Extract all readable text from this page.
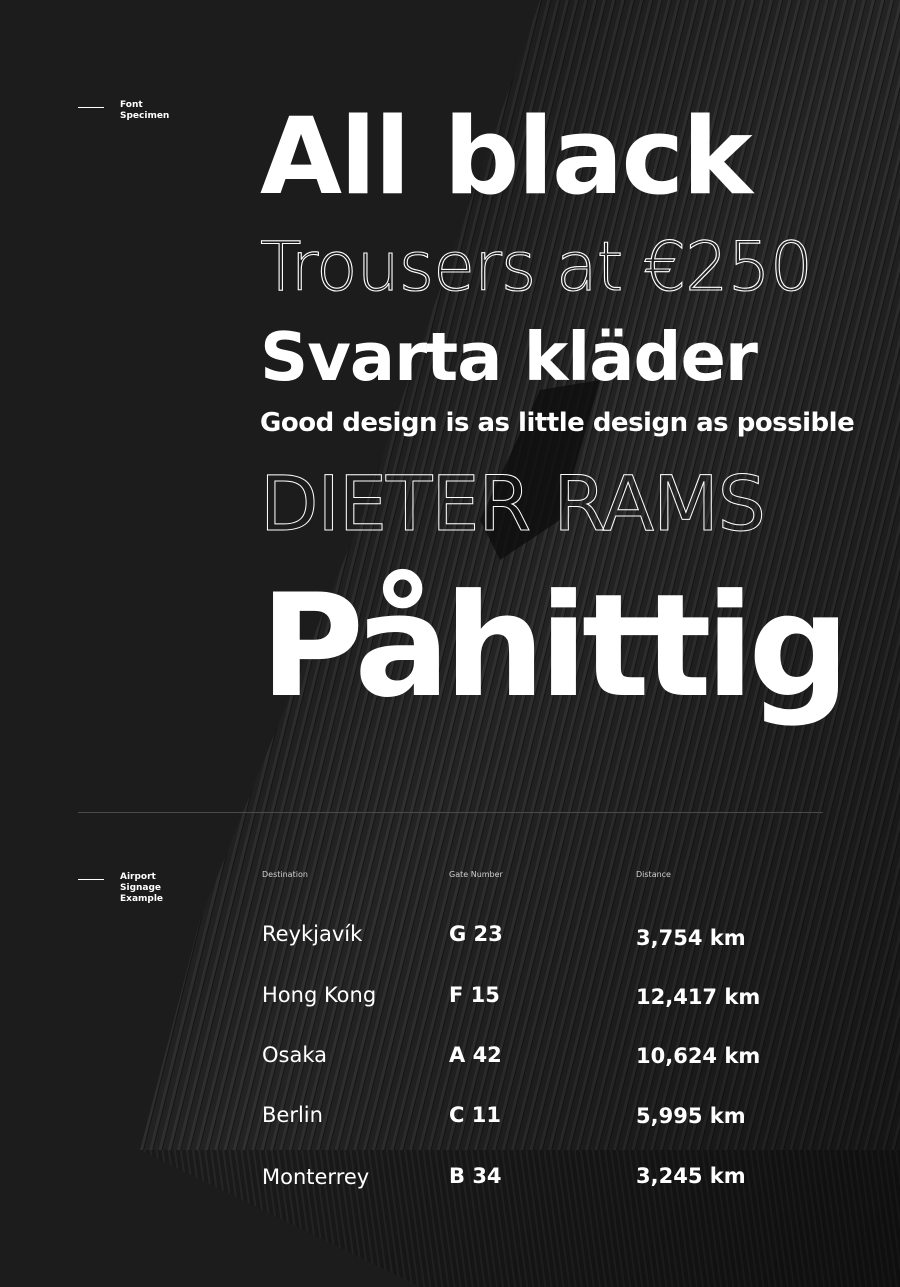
Font
Specimen
Airport
Signage
Example
All black
Trousers at €250
Svarta kläder
Good design is as little design as possible
DIETER RAMS
Påhittig
Destination	Gate Number	Distance
Reykjavík	G 23	3,754 km
Hong Kong	F 15	12,417 km
Osaka	A 42	10,624 km
Berlin	C 11	5,995 km
Monterrey	B 34	3,245 km
